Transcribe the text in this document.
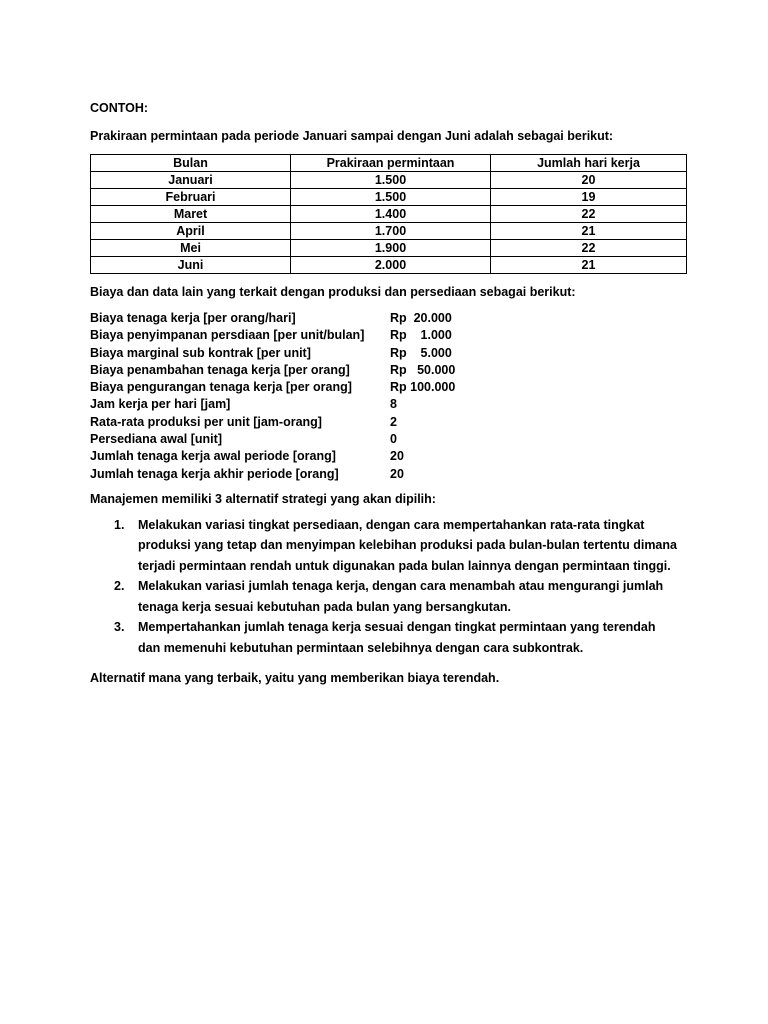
CONTOH:
Prakiraan permintaan pada periode Januari sampai dengan Juni adalah sebagai berikut:
Bulan	Prakiraan permintaan	Jumlah hari kerja
Januari	1.500	20
Februari	1.500	19
Maret	1.400	22
April	1.700	21
Mei	1.900	22
Juni	2.000	21
Biaya dan data lain yang terkait dengan produksi dan persediaan sebagai berikut:
Biaya tenaga kerja [per orang/hari]	Rp  20.000
Biaya penyimpanan persdiaan [per unit/bulan]	Rp    1.000
Biaya marginal sub kontrak [per unit]	Rp    5.000
Biaya penambahan tenaga kerja [per orang]	Rp   50.000
Biaya pengurangan tenaga kerja [per orang]	Rp 100.000
Jam kerja per hari [jam]	8
Rata-rata produksi per unit [jam-orang]	2
Persediana awal [unit]	0
Jumlah tenaga kerja awal periode [orang]	20
Jumlah tenaga kerja akhir periode [orang]	20
Manajemen memiliki 3 alternatif strategi yang akan dipilih:
1.	Melakukan variasi tingkat persediaan, dengan cara mempertahankan rata-rata tingkat produksi yang tetap dan menyimpan kelebihan produksi pada bulan-bulan tertentu dimana terjadi permintaan rendah untuk digunakan pada bulan lainnya dengan permintaan tinggi.
2.	Melakukan variasi jumlah tenaga kerja, dengan cara menambah atau mengurangi jumlah tenaga kerja sesuai kebutuhan pada bulan yang bersangkutan.
3.	Mempertahankan jumlah tenaga kerja sesuai dengan tingkat permintaan yang terendah dan memenuhi kebutuhan permintaan selebihnya dengan cara subkontrak.
Alternatif mana yang terbaik, yaitu yang memberikan biaya terendah.
